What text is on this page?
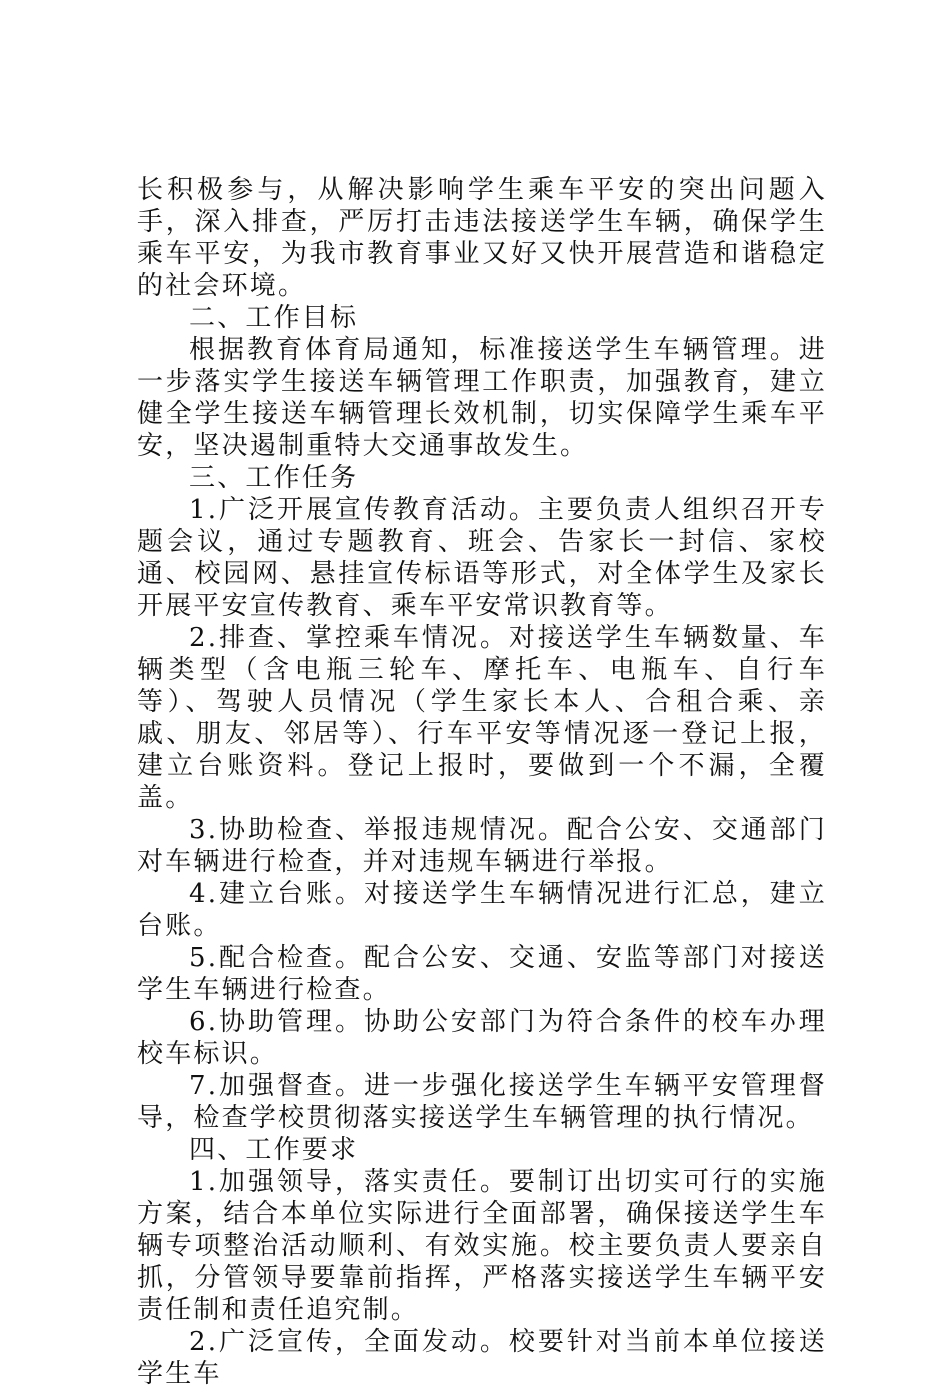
长积极参与，从解决影响学生乘车平安的突出问题入手，深入排查，严厉打击违法接送学生车辆，确保学生乘车平安，为我市教育事业又好又快开展营造和谐稳定的社会环境。

二、工作目标

根据教育体育局通知，标准接送学生车辆管理。进一步落实学生接送车辆管理工作职责，加强教育，建立健全学生接送车辆管理长效机制，切实保障学生乘车平安，坚决遏制重特大交通事故发生。

三、工作任务

1.广泛开展宣传教育活动。主要负责人组织召开专题会议，通过专题教育、班会、告家长一封信、家校通、校园网、悬挂宣传标语等形式，对全体学生及家长开展平安宣传教育、乘车平安常识教育等。

2.排查、掌控乘车情况。对接送学生车辆数量、车辆类型（含电瓶三轮车、摩托车、电瓶车、自行车等）、驾驶人员情况（学生家长本人、合租合乘、亲戚、朋友、邻居等）、行车平安等情况逐一登记上报，建立台账资料。登记上报时，要做到一个不漏，全覆盖。

3.协助检查、举报违规情况。配合公安、交通部门对车辆进行检查，并对违规车辆进行举报。

4.建立台账。对接送学生车辆情况进行汇总，建立台账。

5.配合检查。配合公安、交通、安监等部门对接送学生车辆进行检查。

6.协助管理。协助公安部门为符合条件的校车办理校车标识。

7.加强督查。进一步强化接送学生车辆平安管理督导，检查学校贯彻落实接送学生车辆管理的执行情况。

四、工作要求

1.加强领导，落实责任。要制订出切实可行的实施方案，结合本单位实际进行全面部署，确保接送学生车辆专项整治活动顺利、有效实施。校主要负责人要亲自抓，分管领导要靠前指挥，严格落实接送学生车辆平安责任制和责任追究制。

2.广泛宣传，全面发动。校要针对当前本单位接送学生车
